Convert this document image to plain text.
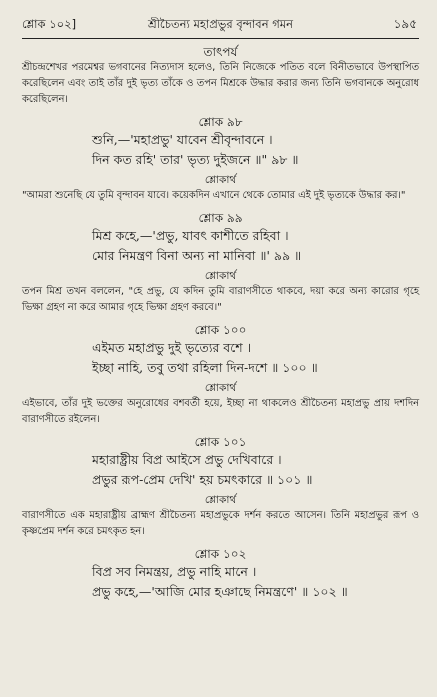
শ্লোক ১০২]	শ্রীচৈতন্য মহাপ্রভুর বৃন্দাবন গমন	১৯৫

তাৎপর্য

শ্রীচন্দ্রশেখর পরমেশ্বর ভগবানের নিত্যদাস হলেও, তিনি নিজেকে পতিত বলে বিনীতভাবে উপস্থাপিত করেছিলেন এবং তাই তাঁর দুই ভৃত্য তাঁকে ও তপন মিশ্রকে উদ্ধার করার জন্য তিনি ভগবানকে অনুরোধ করেছিলেন।

শ্লোক ৯৮

শুনি,—'মহাপ্রভু' যাবেন শ্রীবৃন্দাবনে ।

দিন কত রহি' তার' ভৃত্য দুইজনে ॥" ৯৮ ॥

শ্লোকার্থ

"আমরা শুনেছি যে তুমি বৃন্দাবন যাবে। কয়েকদিন এখানে থেকে তোমার এই দুই ভৃত্যকে উদ্ধার কর।"

শ্লোক ৯৯

মিশ্র কহে,—'প্রভু, যাবৎ কাশীতে রহিবা ।

মোর নিমন্ত্রণ বিনা অন্য না মানিবা ॥' ৯৯ ॥

শ্লোকার্থ

তপন মিশ্র তখন বললেন, "হে প্রভু, যে কদিন তুমি বারাণসীতে থাকবে, দয়া করে অন্য কারোর গৃহে ভিক্ষা গ্রহণ না করে আমার গৃহে ভিক্ষা গ্রহণ করবে।"

শ্লোক ১০০

এইমত মহাপ্রভু দুই ভৃত্যের বশে ।

ইচ্ছা নাহি, তবু তথা রহিলা দিন-দশে ॥ ১০০ ॥

শ্লোকার্থ

এইভাবে, তাঁর দুই ভক্তের অনুরোধের বশবর্তী হয়ে, ইচ্ছা না থাকলেও শ্রীচৈতন্য মহাপ্রভু প্রায় দশদিন বারাণসীতে রইলেন।

শ্লোক ১০১

মহারাষ্ট্রীয় বিপ্র আইসে প্রভু দেখিবারে ।

প্রভুর রূপ-প্রেম দেখি' হয় চমৎকারে ॥ ১০১ ॥

শ্লোকার্থ

বারাণসীতে এক মহারাষ্ট্রীয় ব্রাহ্মণ শ্রীচৈতন্য মহাপ্রভুকে দর্শন করতে আসেন। তিনি মহাপ্রভুর রূপ ও কৃষ্ণপ্রেম দর্শন করে চমৎকৃত হন।

শ্লোক ১০২

বিপ্র সব নিমন্ত্রয়, প্রভু নাহি মানে ।

প্রভু কহে,—'আজি মোর হঞাছে নিমন্ত্রণে' ॥ ১০২ ॥
